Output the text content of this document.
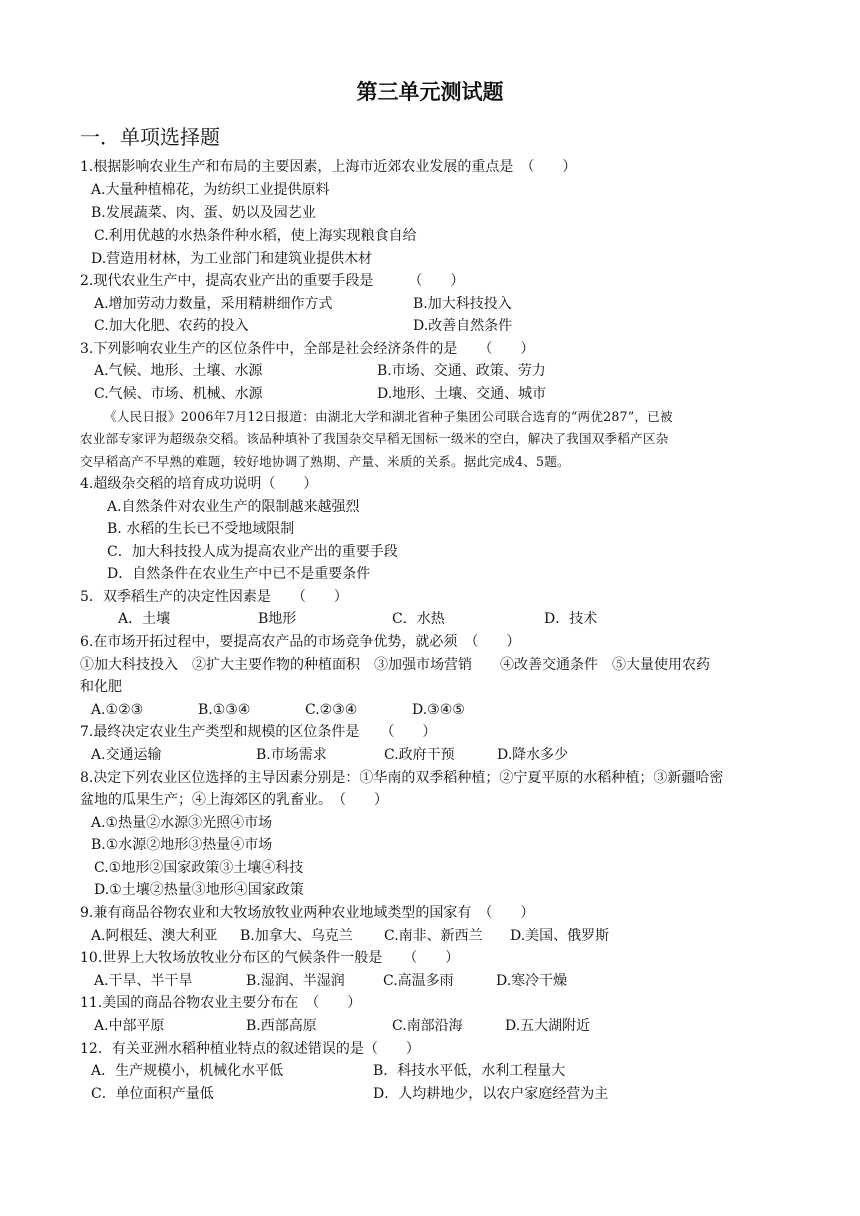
第三单元测试题
一．单项选择题
1.根据影响农业生产和布局的主要因素，上海市近郊农业发展的重点是　（　　）
A.大量种植棉花，为纺织工业提供原料
B.发展蔬菜、肉、蛋、奶以及园艺业
C.利用优越的水热条件种水稻，使上海实现粮食自给
D.营造用材林，为工业部门和建筑业提供木材
2.现代农业生产中，提高农业产出的重要手段是　　　（　　）
A.增加劳动力数量，采用精耕细作方式	B.加大科技投入
C.加大化肥、农药的投入	D.改善自然条件
3.下列影响农业生产的区位条件中，全部是社会经济条件的是　　（　　）
A.气候、地形、土壤、水源	B.市场、交通、政策、劳力
C.气候、市场、机械、水源	D.地形、土壤、交通、城市
《人民日报》2006年7月12日报道：由湖北大学和湖北省种子集团公司联合选育的“两优287”，已被
农业部专家评为超级杂交稻。该品种填补了我国杂交早稻无国标一级米的空白，解决了我国双季稻产区杂
交早稻高产不早熟的难题，较好地协调了熟期、产量、米质的关系。据此完成4、5题。
4.超级杂交稻的培育成功说明（　　）
A.自然条件对农业生产的限制越来越强烈
B. 水稻的生长已不受地域限制
C．加大科技投人成为提高农业产出的重要手段
D．自然条件在农业生产中已不是重要条件
5．双季稻生产的决定性因素是　　（　　）
A．土壤	B地形	C．水热	D．技术
6.在市场开拓过程中，要提高农产品的市场竞争优势，就必须　（　　）
①加大科技投入　②扩大主要作物的种植面积　③加强市场营销　　④改善交通条件　⑤大量使用农药
和化肥
A.①②③	B.①③④	C.②③④	D.③④⑤
7.最终决定农业生产类型和规模的区位条件是　　（　　）
A.交通运输	B.市场需求	C.政府干预	D.降水多少
8.决定下列农业区位选择的主导因素分别是：①华南的双季稻种植；②宁夏平原的水稻种植；③新疆哈密
盆地的瓜果生产；④上海郊区的乳畜业。　（　　）
A.①热量②水源③光照④市场
B.①水源②地形③热量④市场
C.①地形②国家政策③土壤④科技
D.①土壤②热量③地形④国家政策
9.兼有商品谷物农业和大牧场放牧业两种农业地域类型的国家有　（　　）
A.阿根廷、澳大利亚 B.加拿大、乌克兰 C.南非、新西兰 D.美国、俄罗斯
10.世界上大牧场放牧业分布区的气候条件一般是　　（　　）
A.干旱、半干旱	B.湿润、半湿润	C.高温多雨	D.寒冷干燥
11.美国的商品谷物农业主要分布在　（　　）
A.中部平原	B.西部高原	C.南部沿海	D.五大湖附近
12．有关亚洲水稻种植业特点的叙述错误的是（　　）
A．生产规模小，机械化水平低	B．科技水平低，水利工程量大
C．单位面积产量低	D．人均耕地少，以农户家庭经营为主
